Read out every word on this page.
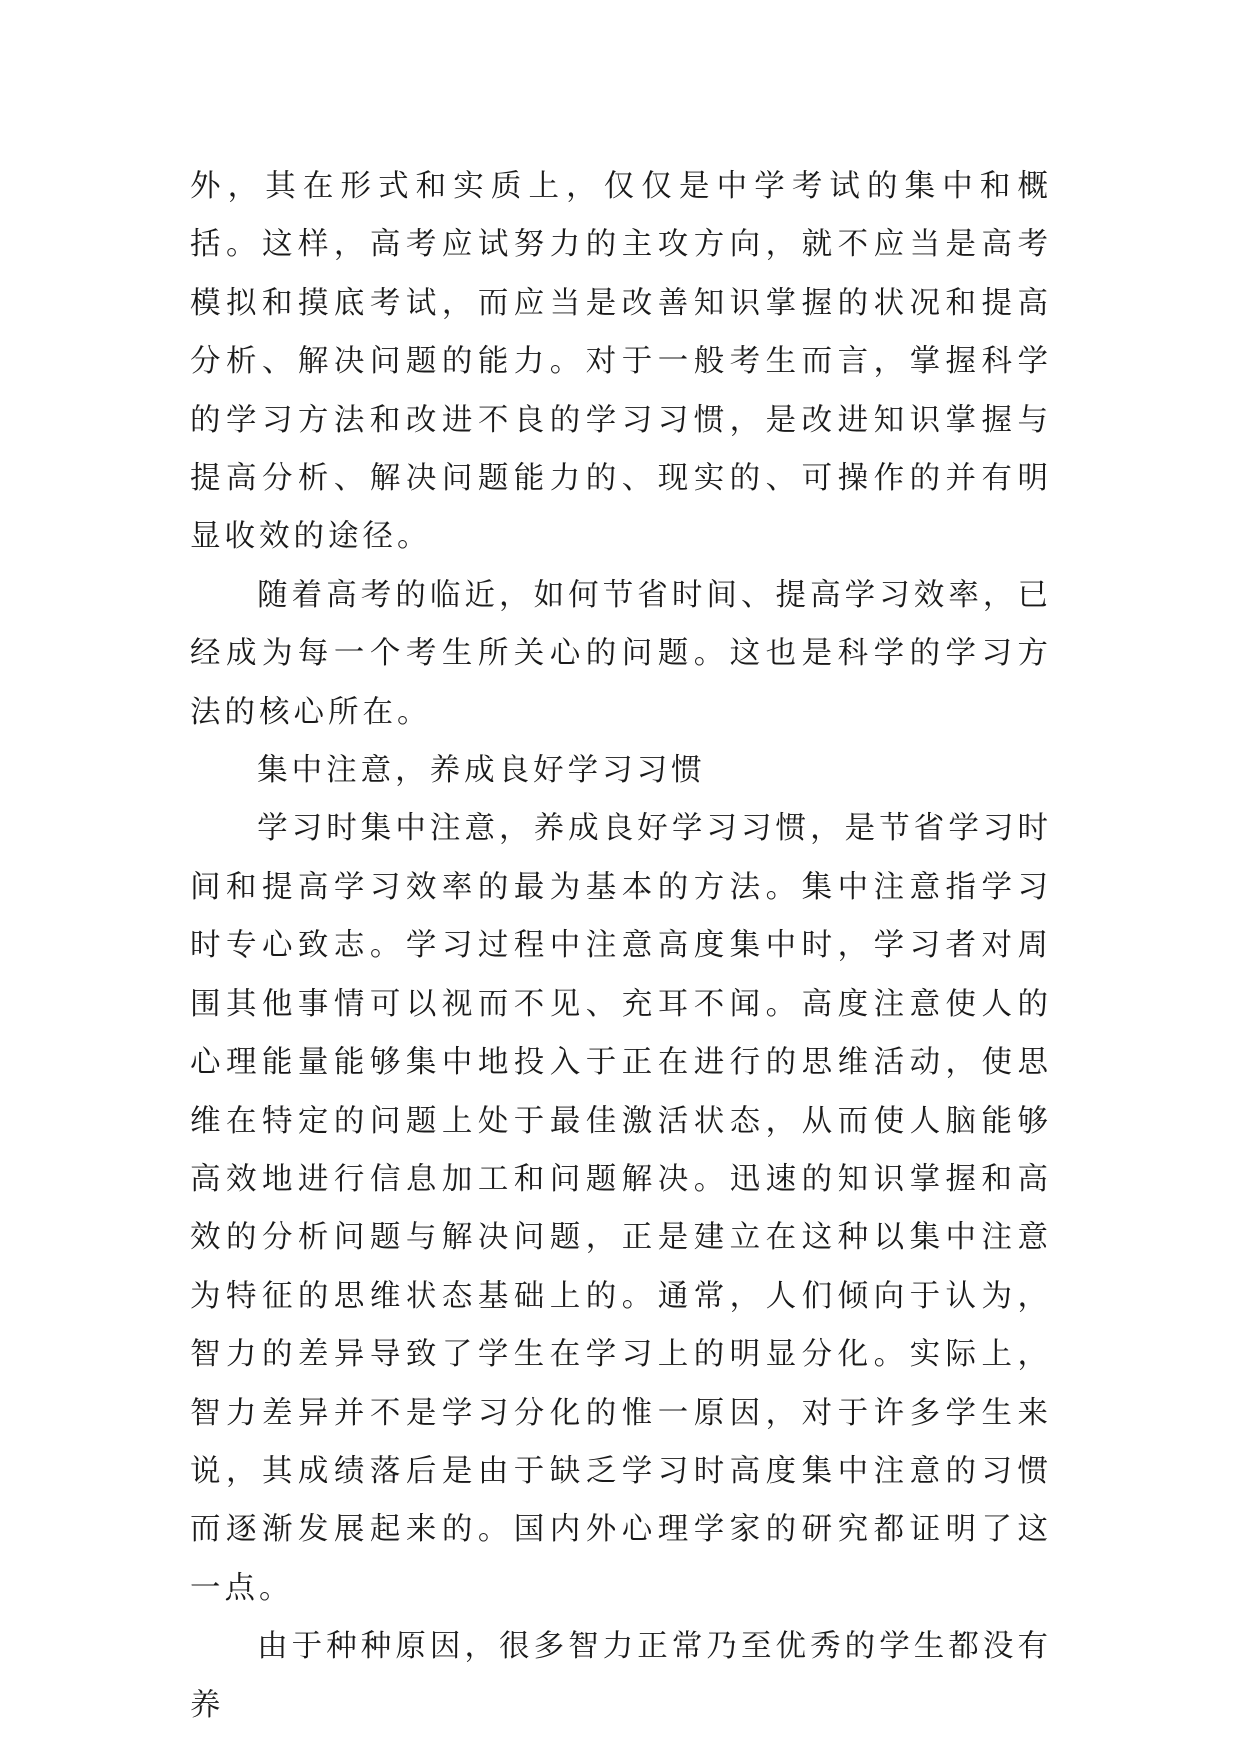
外，其在形式和实质上，仅仅是中学考试的集中和概括。这样，高考应试努力的主攻方向，就不应当是高考模拟和摸底考试，而应当是改善知识掌握的状况和提高分析、解决问题的能力。对于一般考生而言，掌握科学的学习方法和改进不良的学习习惯，是改进知识掌握与提高分析、解决问题能力的、现实的、可操作的并有明显收效的途径。

随着高考的临近，如何节省时间、提高学习效率，已经成为每一个考生所关心的问题。这也是科学的学习方法的核心所在。

集中注意，养成良好学习习惯

学习时集中注意，养成良好学习习惯，是节省学习时间和提高学习效率的最为基本的方法。集中注意指学习时专心致志。学习过程中注意高度集中时，学习者对周围其他事情可以视而不见、充耳不闻。高度注意使人的心理能量能够集中地投入于正在进行的思维活动，使思维在特定的问题上处于最佳激活状态，从而使人脑能够高效地进行信息加工和问题解决。迅速的知识掌握和高效的分析问题与解决问题，正是建立在这种以集中注意为特征的思维状态基础上的。通常，人们倾向于认为，智力的差异导致了学生在学习上的明显分化。实际上，智力差异并不是学习分化的惟一原因，对于许多学生来说，其成绩落后是由于缺乏学习时高度集中注意的习惯而逐渐发展起来的。国内外心理学家的研究都证明了这一点。

由于种种原因，很多智力正常乃至优秀的学生都没有养
